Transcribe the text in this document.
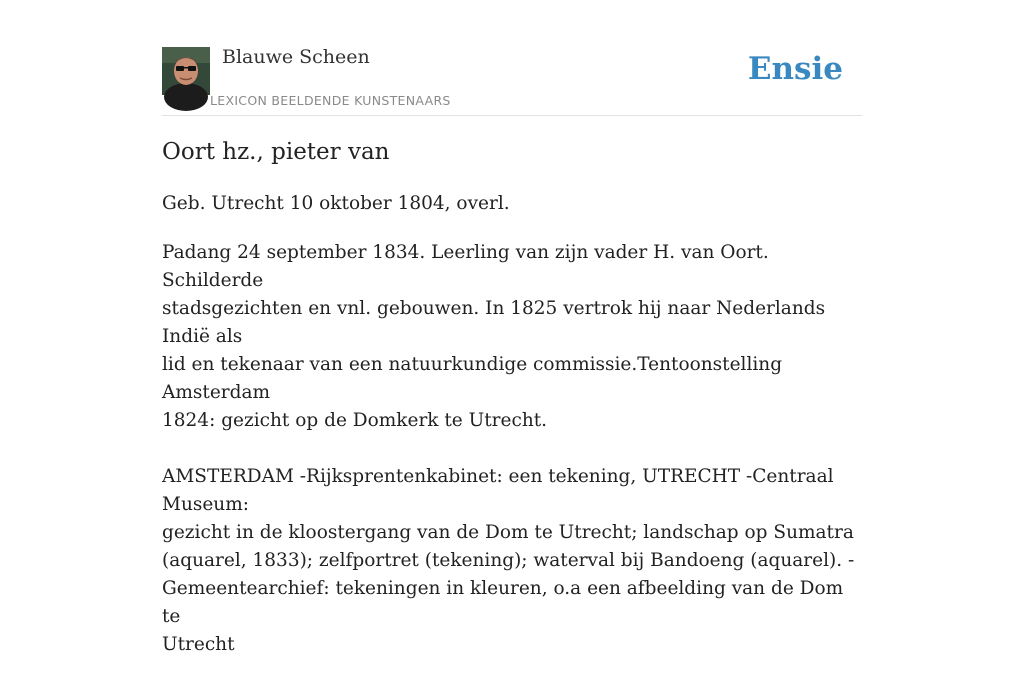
Blauwe Scheen
LEXICON BEELDENDE KUNSTENAARS
Ensie
Oort hz., pieter van
Geb. Utrecht 10 oktober 1804, overl.

Padang 24 september 1834. Leerling van zijn vader H. van Oort. Schilderde
stadsgezichten en vnl. gebouwen. In 1825 vertrok hij naar Nederlands Indië als
lid en tekenaar van een natuurkundige commissie.Tentoonstelling Amsterdam
1824: gezicht op de Domkerk te Utrecht.

AMSTERDAM -Rijksprentenkabinet: een tekening, UTRECHT -Centraal Museum:
gezicht in de kloostergang van de Dom te Utrecht; landschap op Sumatra
(aquarel, 1833); zelfportret (tekening); waterval bij Bandoeng (aquarel). -
Gemeentearchief: tekeningen in kleuren, o.a een afbeelding van de Dom te
Utrecht
